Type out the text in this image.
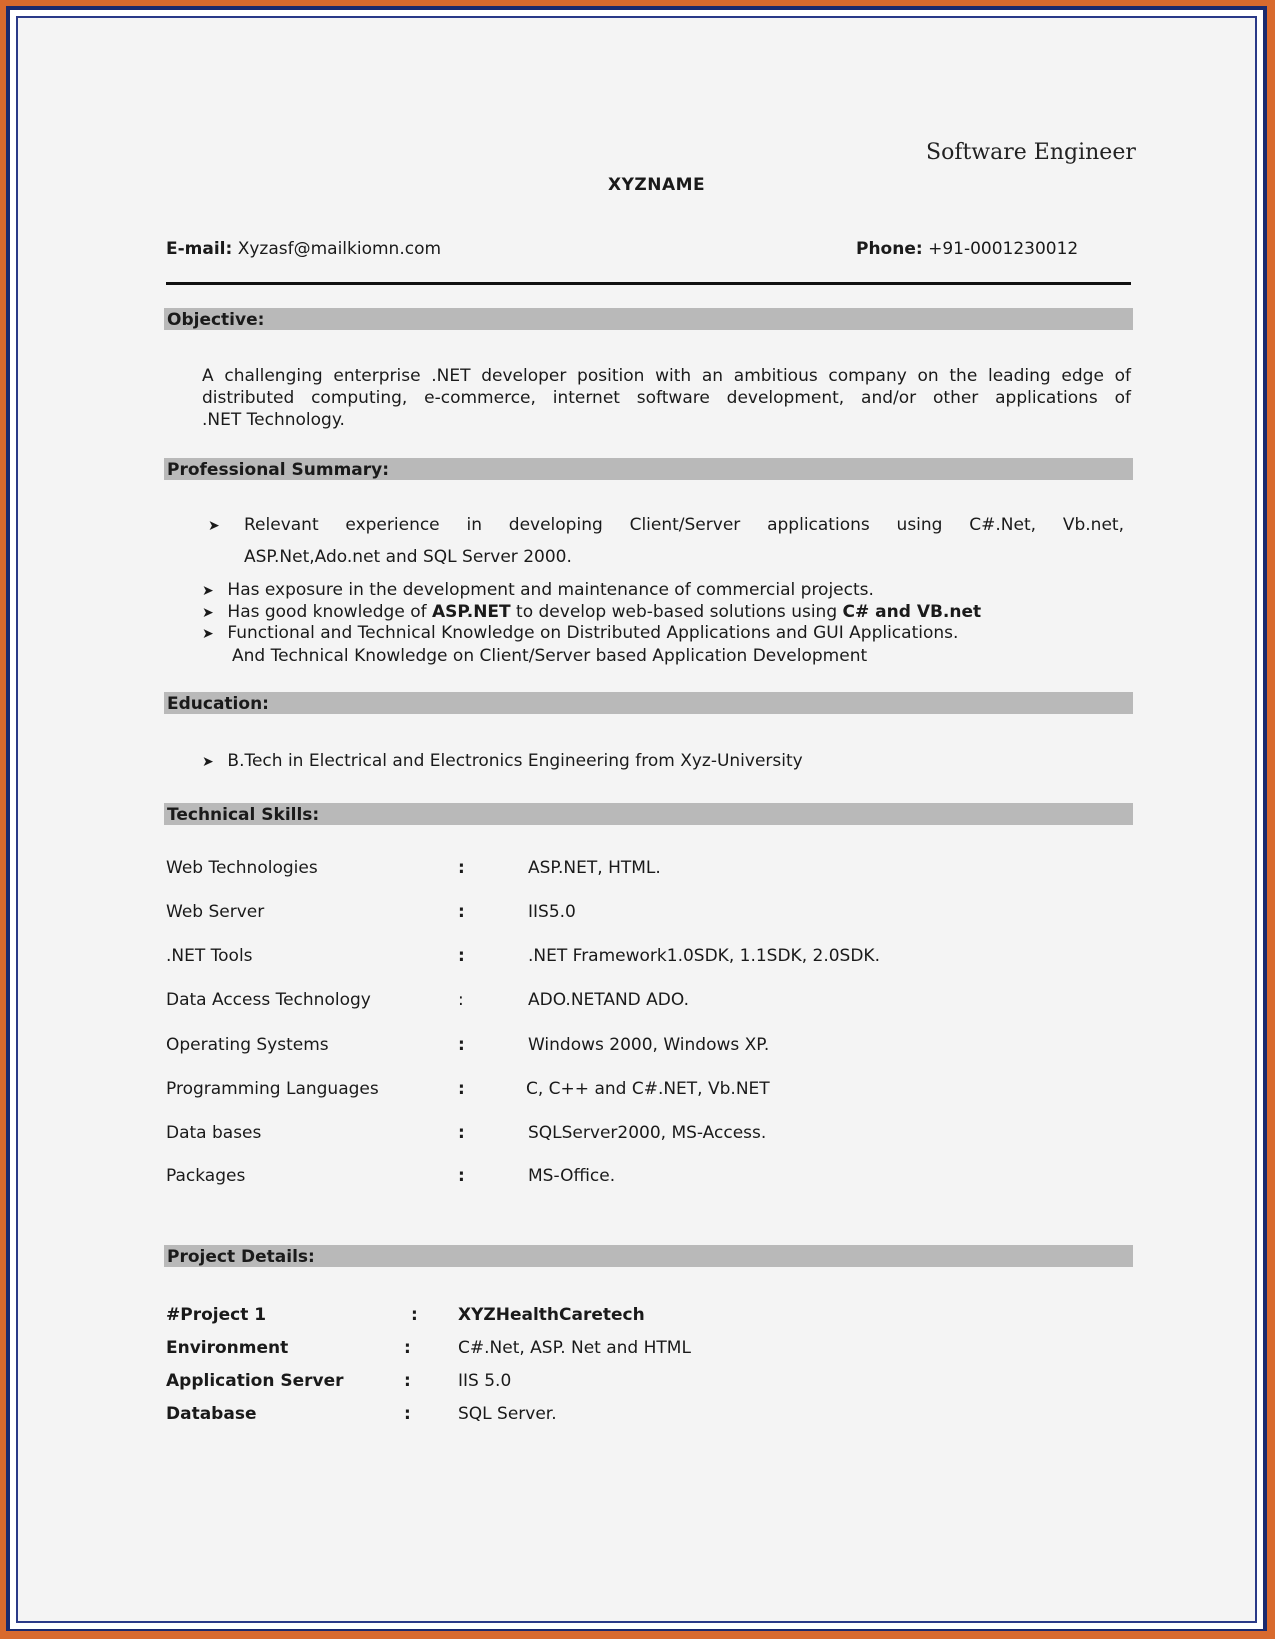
Software Engineer
XYZNAME
E-mail: Xyzasf@mailkiomn.com	Phone: +91-0001230012
Objective:
A challenging enterprise .NET developer position with an ambitious company on the leading edge of
distributed computing, e-commerce, internet software development, and/or other applications of
.NET Technology.
Professional Summary:
➤	Relevant experience in developing Client/Server applications using C#.Net, Vb.net,
ASP.Net,Ado.net and SQL Server 2000.
➤ Has exposure in the development and maintenance of commercial projects.
➤ Has good knowledge of ASP.NET to develop web-based solutions using C# and VB.net
➤ Functional and Technical Knowledge on Distributed Applications and GUI Applications.
And Technical Knowledge on Client/Server based Application Development
Education:
➤ B.Tech in Electrical and Electronics Engineering from Xyz-University
Technical Skills:
Web Technologies	:	ASP.NET, HTML.
Web Server	:	IIS5.0
.NET Tools	:	.NET Framework1.0SDK, 1.1SDK, 2.0SDK.
Data Access Technology	:	ADO.NETAND ADO.
Operating Systems	:	Windows 2000, Windows XP.
Programming Languages	:	C, C++ and C#.NET, Vb.NET
Data bases	:	SQLServer2000, MS-Access.
Packages	:	MS-Office.
Project Details:
#Project 1	: XYZHealthCaretech
Environment	:	C#.Net, ASP. Net and HTML
Application Server	:	IIS 5.0
Database	:	SQL Server.
